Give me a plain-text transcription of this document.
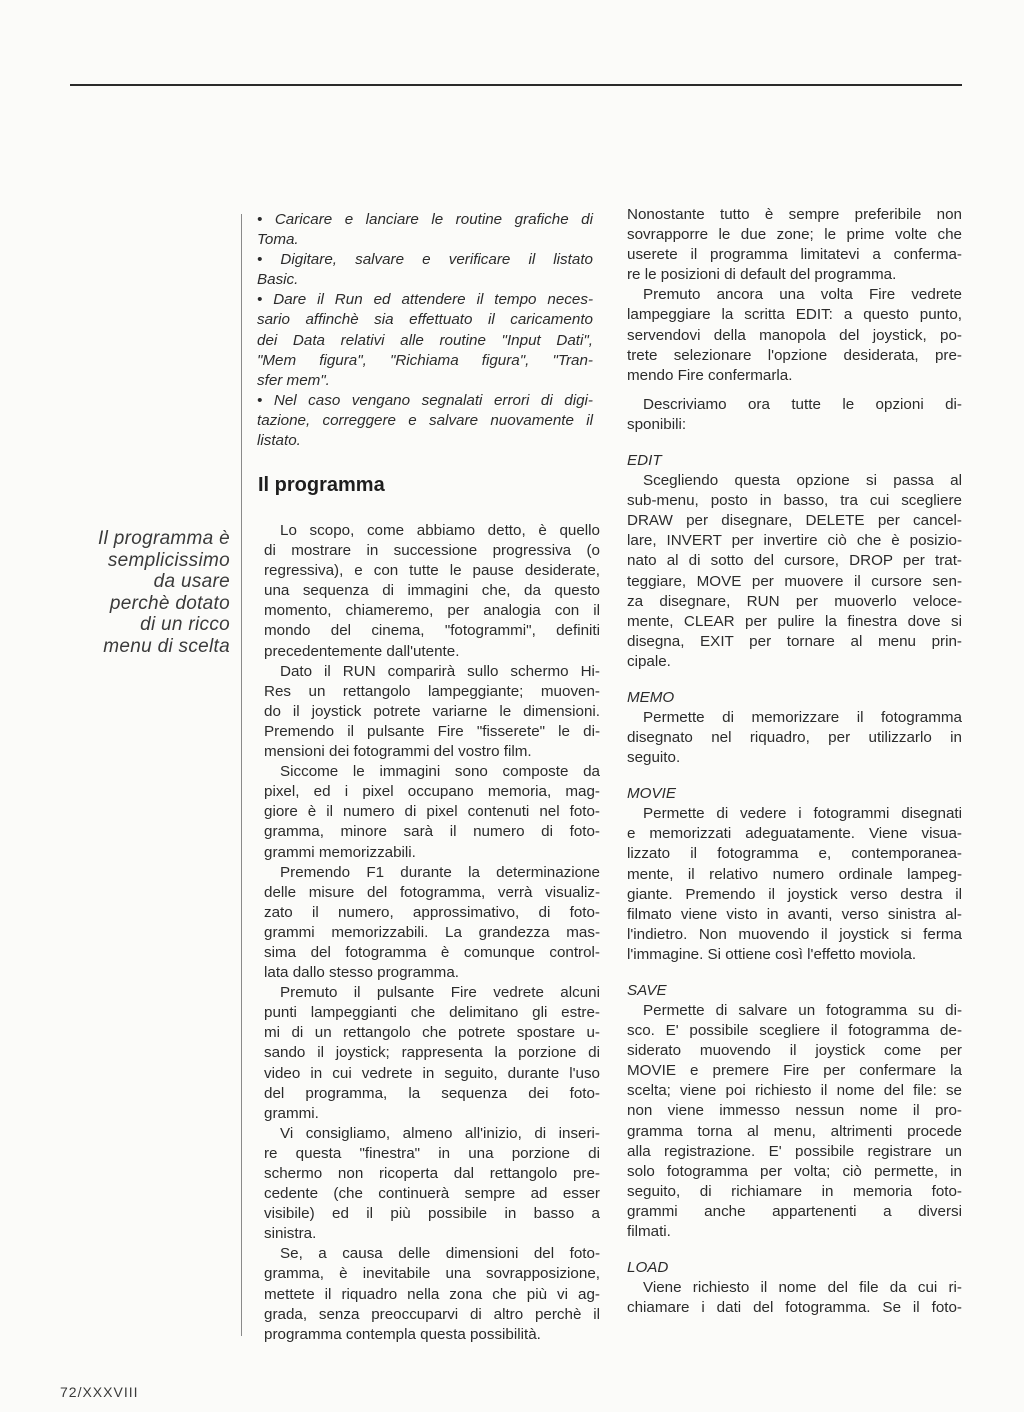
Il programma è
semplicissimo
da usare
perchè dotato
di un ricco
menu di scelta
• Caricare e lanciare le routine grafiche di
Toma.
• Digitare, salvare e verificare il listato
Basic.
• Dare il Run ed attendere il tempo neces-
sario affinchè sia effettuato il caricamento
dei Data relativi alle routine "Input Dati",
"Mem figura", "Richiama figura", "Tran-
sfer mem".
• Nel caso vengano segnalati errori di digi-
tazione, correggere e salvare nuovamente il
listato.
Il programma
Lo scopo, come abbiamo detto, è quello
di mostrare in successione progressiva (o
regressiva), e con tutte le pause desiderate,
una sequenza di immagini che, da questo
momento, chiameremo, per analogia con il
mondo del cinema, "fotogrammi", definiti
precedentemente dall'utente.
Dato il RUN comparirà sullo schermo Hi-
Res un rettangolo lampeggiante; muoven-
do il joystick potrete variarne le dimensioni.
Premendo il pulsante Fire "fisserete" le di-
mensioni dei fotogrammi del vostro film.
Siccome le immagini sono composte da
pixel, ed i pixel occupano memoria, mag-
giore è il numero di pixel contenuti nel foto-
gramma, minore sarà il numero di foto-
grammi memorizzabili.
Premendo F1 durante la determinazione
delle misure del fotogramma, verrà visualiz-
zato il numero, approssimativo, di foto-
grammi memorizzabili. La grandezza mas-
sima del fotogramma è comunque control-
lata dallo stesso programma.
Premuto il pulsante Fire vedrete alcuni
punti lampeggianti che delimitano gli estre-
mi di un rettangolo che potrete spostare u-
sando il joystick; rappresenta la porzione di
video in cui vedrete in seguito, durante l'uso
del programma, la sequenza dei foto-
grammi.
Vi consigliamo, almeno all'inizio, di inseri-
re questa "finestra" in una porzione di
schermo non ricoperta dal rettangolo pre-
cedente (che continuerà sempre ad esser
visibile) ed il più possibile in basso a
sinistra.
Se, a causa delle dimensioni del foto-
gramma, è inevitabile una sovrapposizione,
mettete il riquadro nella zona che più vi ag-
grada, senza preoccuparvi di altro perchè il
programma contempla questa possibilità.
Nonostante tutto è sempre preferibile non
sovrapporre le due zone; le prime volte che
userete il programma limitatevi a conferma-
re le posizioni di default del programma.
Premuto ancora una volta Fire vedrete
lampeggiare la scritta EDIT: a questo punto,
servendovi della manopola del joystick, po-
trete selezionare l'opzione desiderata, pre-
mendo Fire confermarla.
Descriviamo ora tutte le opzioni di-
sponibili:
EDIT
Scegliendo questa opzione si passa al
sub-menu, posto in basso, tra cui scegliere
DRAW per disegnare, DELETE per cancel-
lare, INVERT per invertire ciò che è posizio-
nato al di sotto del cursore, DROP per trat-
teggiare, MOVE per muovere il cursore sen-
za disegnare, RUN per muoverlo veloce-
mente, CLEAR per pulire la finestra dove si
disegna, EXIT per tornare al menu prin-
cipale.
MEMO
Permette di memorizzare il fotogramma
disegnato nel riquadro, per utilizzarlo in
seguito.
MOVIE
Permette di vedere i fotogrammi disegnati
e memorizzati adeguatamente. Viene visua-
lizzato il fotogramma e, contemporanea-
mente, il relativo numero ordinale lampeg-
giante. Premendo il joystick verso destra il
filmato viene visto in avanti, verso sinistra al-
l'indietro. Non muovendo il joystick si ferma
l'immagine. Si ottiene così l'effetto moviola.
SAVE
Permette di salvare un fotogramma su di-
sco. E' possibile scegliere il fotogramma de-
siderato muovendo il joystick come per
MOVIE e premere Fire per confermare la
scelta; viene poi richiesto il nome del file: se
non viene immesso nessun nome il pro-
gramma torna al menu, altrimenti procede
alla registrazione. E' possibile registrare un
solo fotogramma per volta; ciò permette, in
seguito, di richiamare in memoria foto-
grammi anche appartenenti a diversi
filmati.
LOAD
Viene richiesto il nome del file da cui ri-
chiamare i dati del fotogramma. Se il foto-
72/XXXVIII
